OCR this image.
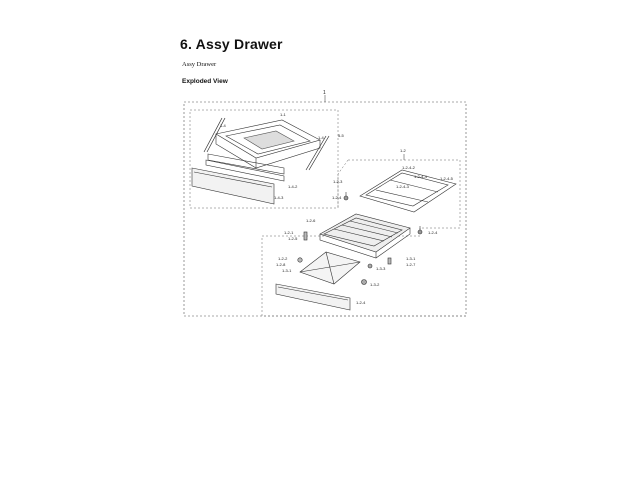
6. Assy Drawer
Assy Drawer
Exploded View
1
1-1
1-4
1-4	5-5
1-4-2
1-4-3
1-2
1-2-3
1-2-4-2
1-2-4-4	1-2-4-5
1-2-4-3
1-2-4
1-2-4
1-2-6
1-2-1
1-2-5
1-2-2	1-3-1
1-2-7
1-2-8
1-3-1	1-3-3
1-3-2
1-2-4
